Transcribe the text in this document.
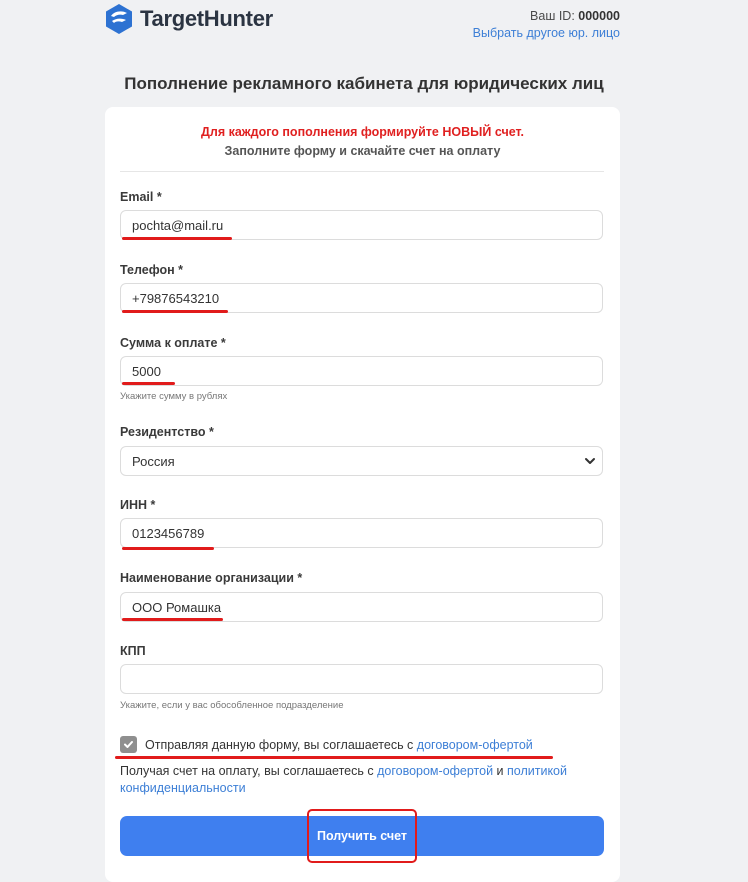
TargetHunter	Ваш ID: 000000
Выбрать другое юр. лицо
Пополнение рекламного кабинета для юридических лиц
Для каждого пополнения формируйте НОВЫЙ счет.
Заполните форму и скачайте счет на оплату
Email *
pochta@mail.ru
Телефон *
+79876543210
Сумма к оплате *
5000
Укажите сумму в рублях
Резидентство *
Россия
ИНН *
0123456789
Наименование организации *
ООО Ромашка
КПП
Укажите, если у вас обособленное подразделение
Отправляя данную форму, вы соглашаетесь с
договором-офертой
Получая счет на оплату, вы соглашаетесь с договором-офертой и политикой конфиденциальности
Получить счет
